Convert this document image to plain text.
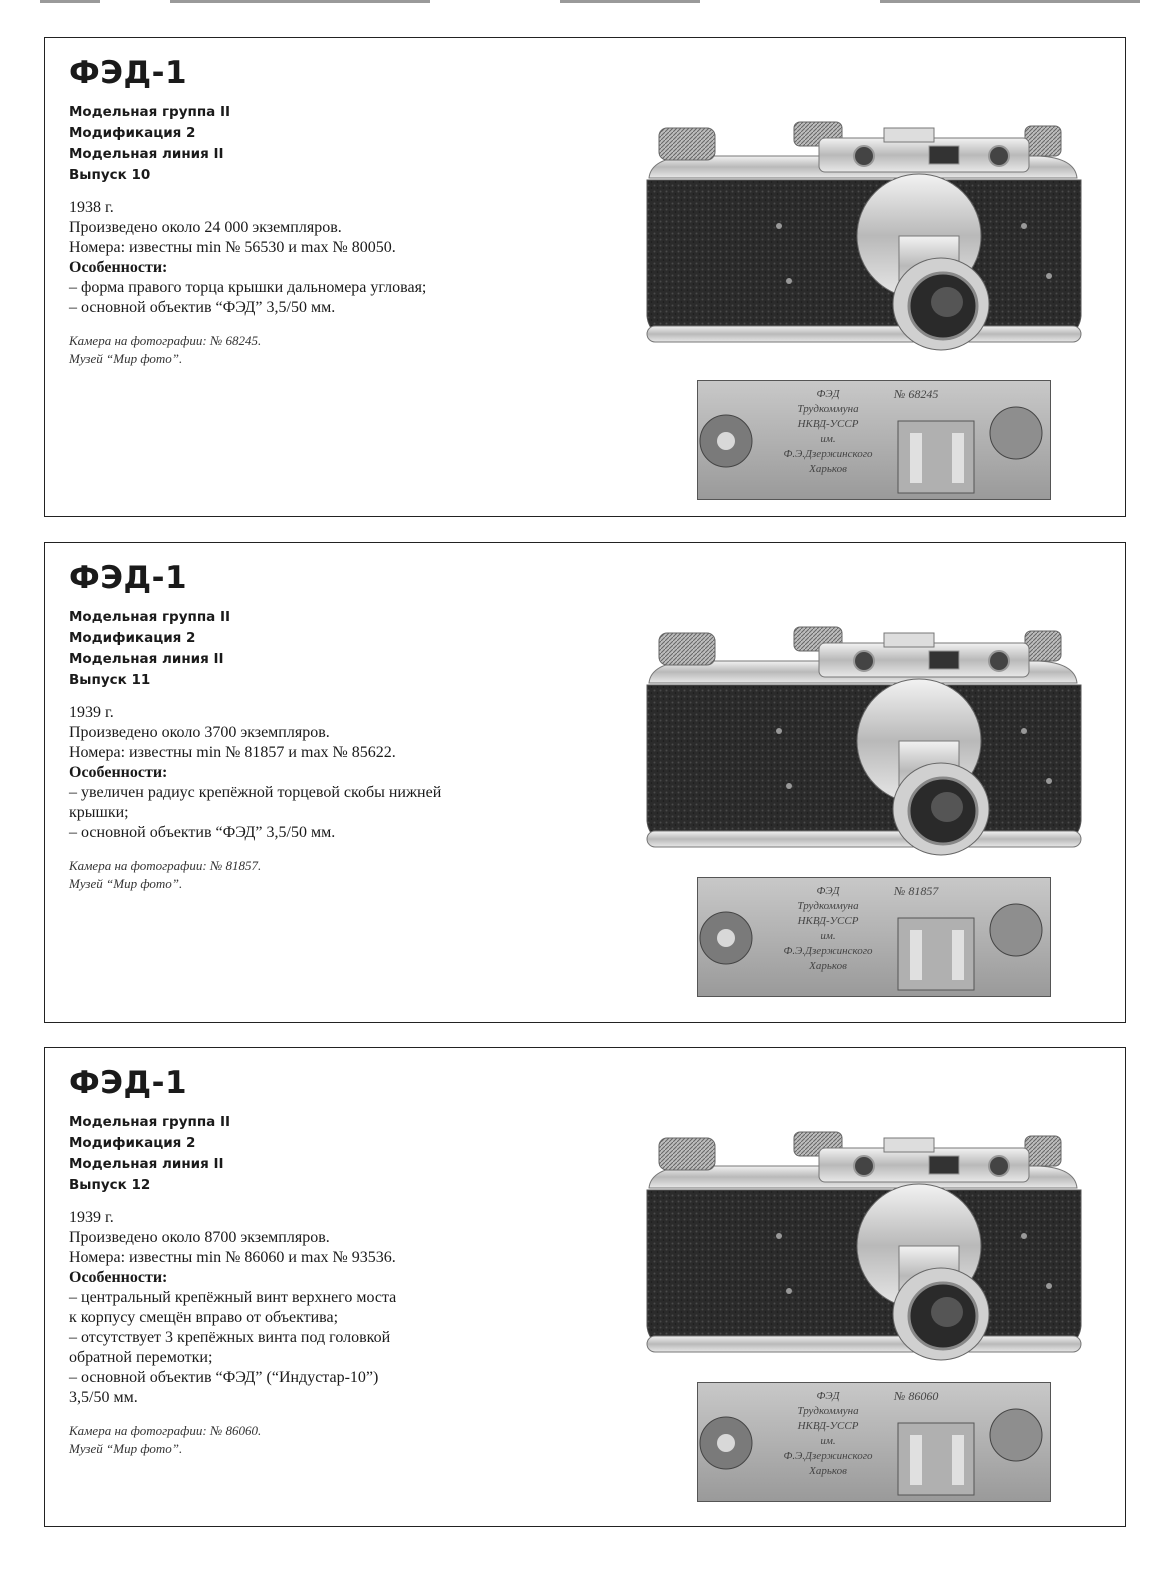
ФЭД-1
Модельная группа II
Модификация 2
Модельная линия II
Выпуск 10
1938 г.
Произведено около 24 000 экземпляров.
Номера: известны min № 56530 и max № 80050.
Особенности:
– форма правого торца крышки дальномера угловая;
– основной объектив “ФЭД” 3,5/50 мм.
Камера на фотографии: № 68245.
Музей “Мир фото”.
ФЭД
Трудкоммуна
НКВД-УССР
им.
Ф.Э.Дзержинского
Харьков
№ 68245
ФЭД-1
Модельная группа II
Модификация 2
Модельная линия II
Выпуск 11
1939 г.
Произведено около 3700 экземпляров.
Номера: известны min № 81857 и max № 85622.
Особенности:
– увеличен радиус крепёжной торцевой скобы нижней
крышки;
– основной объектив “ФЭД” 3,5/50 мм.
Камера на фотографии: № 81857.
Музей “Мир фото”.	ФЭД
Трудкоммуна
НКВД-УССР
им.
Ф.Э.Дзержинского
Харьков
№ 81857
ФЭД-1
Модельная группа II
Модификация 2
Модельная линия II
Выпуск 12
1939 г.
Произведено около 8700 экземпляров.
Номера: известны min № 86060 и max № 93536.
Особенности:
– центральный крепёжный винт верхнего моста
к корпусу смещён вправо от объектива;
– отсутствует 3 крепёжных винта под головкой
обратной перемотки;
– основной объектив “ФЭД” (“Индустар-10”)
3,5/50 мм.
Камера на фотографии: № 86060.
Музей “Мир фото”.
ФЭД
Трудкоммуна
НКВД-УССР
им.
Ф.Э.Дзержинского
Харьков
№ 86060
